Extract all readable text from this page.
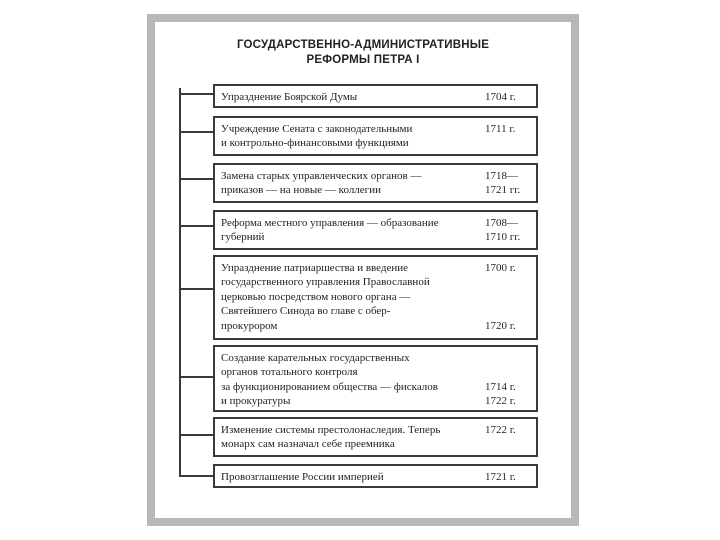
ГОСУДАРСТВЕННО-АДМИНИСТРАТИВНЫЕ
РЕФОРМЫ ПЕТРА I
Упразднение Боярской Думы	1704 г.
Учреждение Сената с законодательными
и контрольно-финансовыми функциями
1711 г.
Замена старых управленческих органов —
приказов — на новые — коллегии
1718—
1721 гг.
Реформа местного управления — образование
губерний
1708—
1710 гг.
Упразднение патриаршества и введение
государственного управления Православной
церковью посредством нового органа —
Святейшего Синода во главе с обер-
прокурором
1700 г.
1720 г.
Создание карательных государственных
органов тотального контроля
за функционированием общества — фискалов
и прокуратуры
1714 г.
1722 г.
Изменение системы престолонаследия. Теперь
монарх сам назначал себе преемника
1722 г.
Провозглашение России империей	1721 г.
